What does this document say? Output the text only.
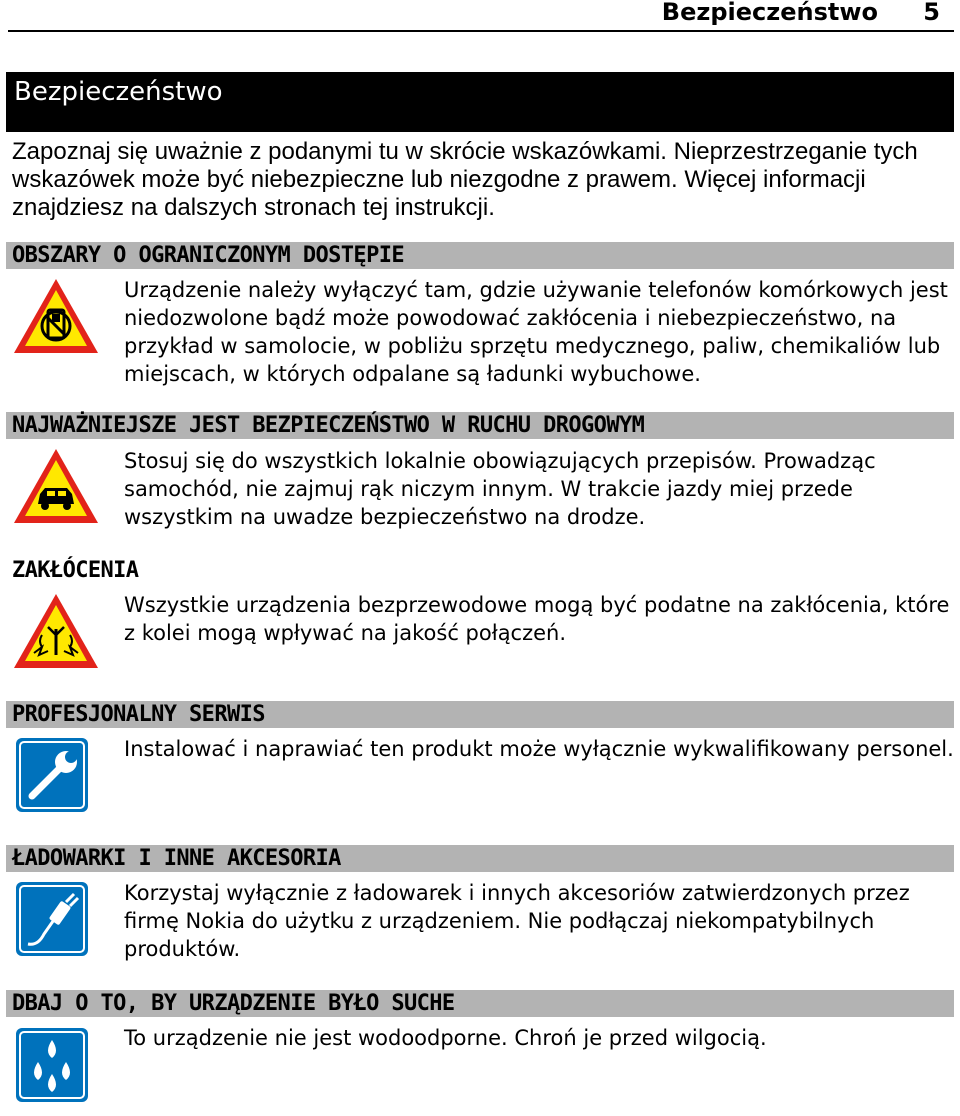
Bezpieczeństwo 5
Bezpieczeństwo

Zapoznaj się uważnie z podanymi tu w skrócie wskazówkami. Nieprzestrzeganie tych wskazówek może być niebezpieczne lub niezgodne z prawem. Więcej informacji znajdziesz na dalszych stronach tej instrukcji.

OBSZARY O OGRANICZONYM DOSTĘPIE

Urządzenie należy wyłączyć tam, gdzie używanie telefonów komórkowych jest niedozwolone bądź może powodować zakłócenia i niebezpieczeństwo, na przykład w samolocie, w pobliżu sprzętu medycznego, paliw, chemikaliów lub miejscach, w których odpalane są ładunki wybuchowe.

NAJWAŻNIEJSZE JEST BEZPIECZEŃSTWO W RUCHU DROGOWYM

Stosuj się do wszystkich lokalnie obowiązujących przepisów. Prowadząc samochód, nie zajmuj rąk niczym innym. W trakcie jazdy miej przede wszystkim na uwadze bezpieczeństwo na drodze.

ZAKŁÓCENIA

Wszystkie urządzenia bezprzewodowe mogą być podatne na zakłócenia, które z kolei mogą wpływać na jakość połączeń.

PROFESJONALNY SERWIS

Instalować i naprawiać ten produkt może wyłącznie wykwalifikowany personel.

ŁADOWARKI I INNE AKCESORIA

Korzystaj wyłącznie z ładowarek i innych akcesoriów zatwierdzonych przez firmę Nokia do użytku z urządzeniem. Nie podłączaj niekompatybilnych produktów.

DBAJ O TO, BY URZĄDZENIE BYŁO SUCHE

To urządzenie nie jest wodoodporne. Chroń je przed wilgocią.
